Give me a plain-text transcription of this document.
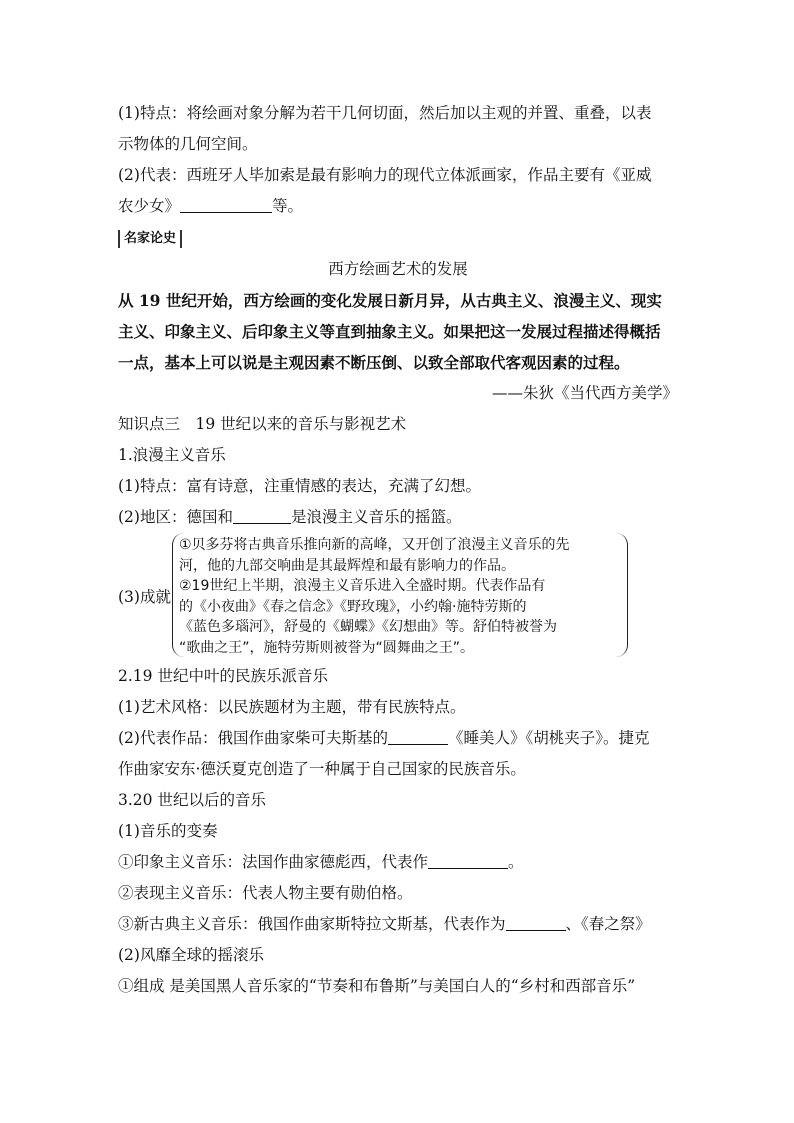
(1)特点：将绘画对象分解为若干几何切面，然后加以主观的并置、重叠，以表
示物体的几何空间。
(2)代表：西班牙人毕加索是最有影响力的现代立体派画家，作品主要有《亚威
农少女》	等。
名家论史
西方绘画艺术的发展
从 19 世纪开始，西方绘画的变化发展日新月异，从古典主义、浪漫主义、现实
主义、印象主义、后印象主义等直到抽象主义。如果把这一发展过程描述得概括
一点，基本上可以说是主观因素不断压倒、以致全部取代客观因素的过程。
——朱狄《当代西方美学》
知识点三　19 世纪以来的音乐与影视艺术
1.浪漫主义音乐
(1)特点：富有诗意，注重情感的表达，充满了幻想。
(2)地区：德国和	是浪漫主义音乐的摇篮。
(3)成就
①贝多芬将古典音乐推向新的高峰，又开创了浪漫主义音乐的先
河，他的九部交响曲是其最辉煌和最有影响力的作品。
②19世纪上半期，浪漫主义音乐进入全盛时期。代表作品有
的《小夜曲》《春之信念》《野玫瑰》，小约翰·施特劳斯的
《蓝色多瑙河》，舒曼的《蝴蝶》《幻想曲》等。舒伯特被誉为
“歌曲之王”，施特劳斯则被誉为“圆舞曲之王”。
2.19 世纪中叶的民族乐派音乐
(1)艺术风格：以民族题材为主题，带有民族特点。
(2)代表作品：俄国作曲家柴可夫斯基的	《睡美人》《胡桃夹子》。捷克
作曲家安东·德沃夏克创造了一种属于自己国家的民族音乐。
3.20 世纪以后的音乐
(1)音乐的变奏
①印象主义音乐：法国作曲家德彪西，代表作	。
②表现主义音乐：代表人物主要有勋伯格。
③新古典主义音乐：俄国作曲家斯特拉文斯基，代表作为	、《春之祭》
(2)风靡全球的摇滚乐
①组成 是美国黑人音乐家的“节奏和布鲁斯”与美国白人的“乡村和西部音乐”
